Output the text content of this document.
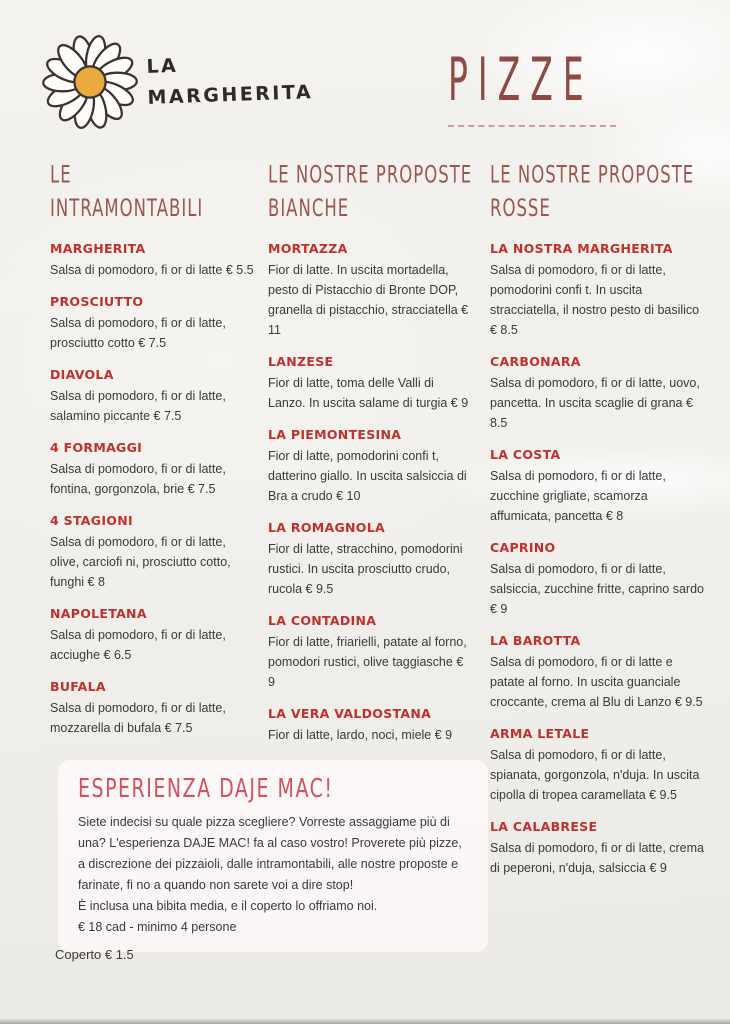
LA
MARGHERITA	PIZZE
LE
INTRAMONTABILI
MARGHERITA
Salsa di pomodoro, fi or di latte € 5.5
PROSCIUTTO
Salsa di pomodoro, fi or di latte, prosciutto cotto € 7.5
DIAVOLA
Salsa di pomodoro, fi or di latte, salamino piccante € 7.5
4 FORMAGGI
Salsa di pomodoro, fi or di latte, fontina, gorgonzola, brie € 7.5
4 STAGIONI
Salsa di pomodoro, fi or di latte, olive, carciofi ni, prosciutto cotto, funghi € 8
NAPOLETANA
Salsa di pomodoro, fi or di latte, acciughe € 6.5
BUFALA
Salsa di pomodoro, fi or di latte, mozzarella di bufala € 7.5
LE NOSTRE PROPOSTE
BIANCHE
MORTAZZA
Fior di latte. In uscita mortadella, pesto di Pistacchio di Bronte DOP, granella di pistacchio, stracciatella € 11
LANZESE
Fior di latte, toma delle Valli di Lanzo. In uscita salame di turgia € 9
LA PIEMONTESINA
Fior di latte, pomodorini confi t, datterino giallo. In uscita salsiccia di Bra a crudo € 10
LA ROMAGNOLA
Fior di latte, stracchino, pomodorini rustici. In uscita prosciutto crudo, rucola € 9.5
LA CONTADINA
Fior di latte, friarielli, patate al forno, pomodori rustici, olive taggiasche € 9
LA VERA VALDOSTANA
Fior di latte, lardo, noci, miele € 9
LE NOSTRE PROPOSTE
ROSSE
LA NOSTRA MARGHERITA
Salsa di pomodoro, fi or di latte, pomodorini confi t. In uscita stracciatella, il nostro pesto di basilico € 8.5
CARBONARA
Salsa di pomodoro, fi or di latte, uovo, pancetta. In uscita scaglie di grana € 8.5
LA COSTA
Salsa di pomodoro, fi or di latte, zucchine grigliate, scamorza affumicata, pancetta € 8
CAPRINO
Salsa di pomodoro, fi or di latte, salsiccia, zucchine fritte, caprino sardo € 9
LA BAROTTA
Salsa di pomodoro, fi or di latte e patate al forno. In uscita guanciale croccante, crema al Blu di Lanzo € 9.5
ARMA LETALE
Salsa di pomodoro, fi or di latte, spianata, gorgonzola, n'duja. In uscita cipolla di tropea caramellata € 9.5
LA CALABRESE
Salsa di pomodoro, fi or di latte, crema di peperoni, n'duja, salsiccia € 9
ESPERIENZA DAJE MAC!

Siete indecisi su quale pizza scegliere? Vorreste assaggiame più di una? L'esperienza DAJE MAC! fa al caso vostro! Proverete più pizze, a discrezione dei pizzaioli, dalle intramontabili, alle nostre proposte e farinate, fi no a quando non sarete voi a dire stop!

È inclusa una bibita media, e il coperto lo offriamo noi.

€ 18 cad - minimo 4 persone

Coperto € 1.5
